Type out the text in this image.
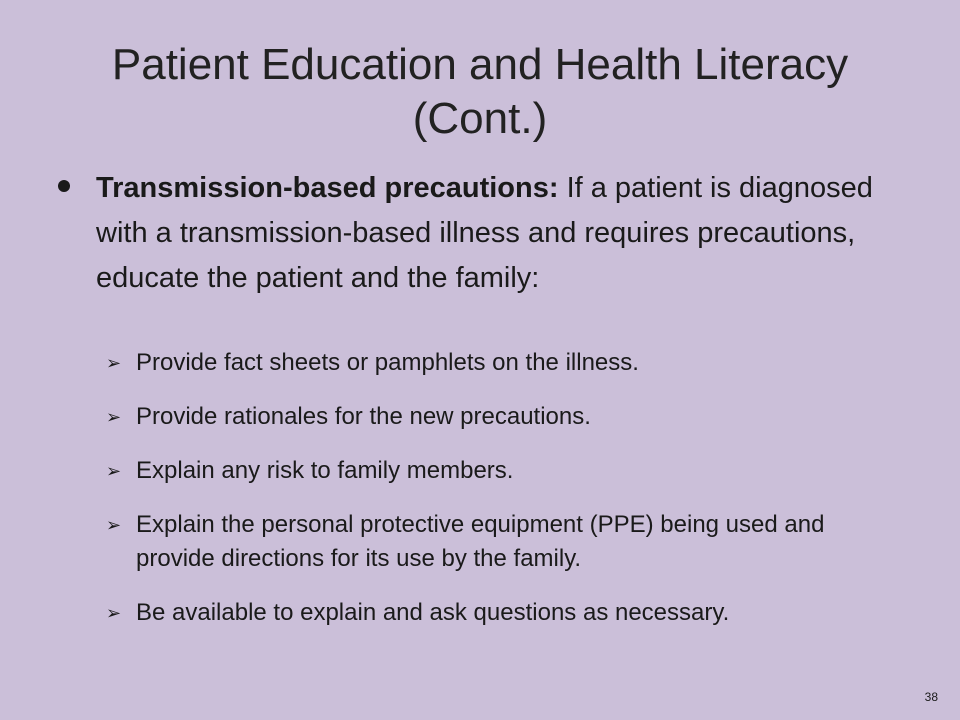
Patient Education and Health Literacy (Cont.)
Transmission-based precautions: If a patient is diagnosed with a transmission-based illness and requires precautions, educate the patient and the family:
➢ Provide fact sheets or pamphlets on the illness.
➢ Provide rationales for the new precautions.
➢ Explain any risk to family members.
➢ Explain the personal protective equipment (PPE) being used and provide directions for its use by the family.
➢ Be available to explain and ask questions as necessary.
38
